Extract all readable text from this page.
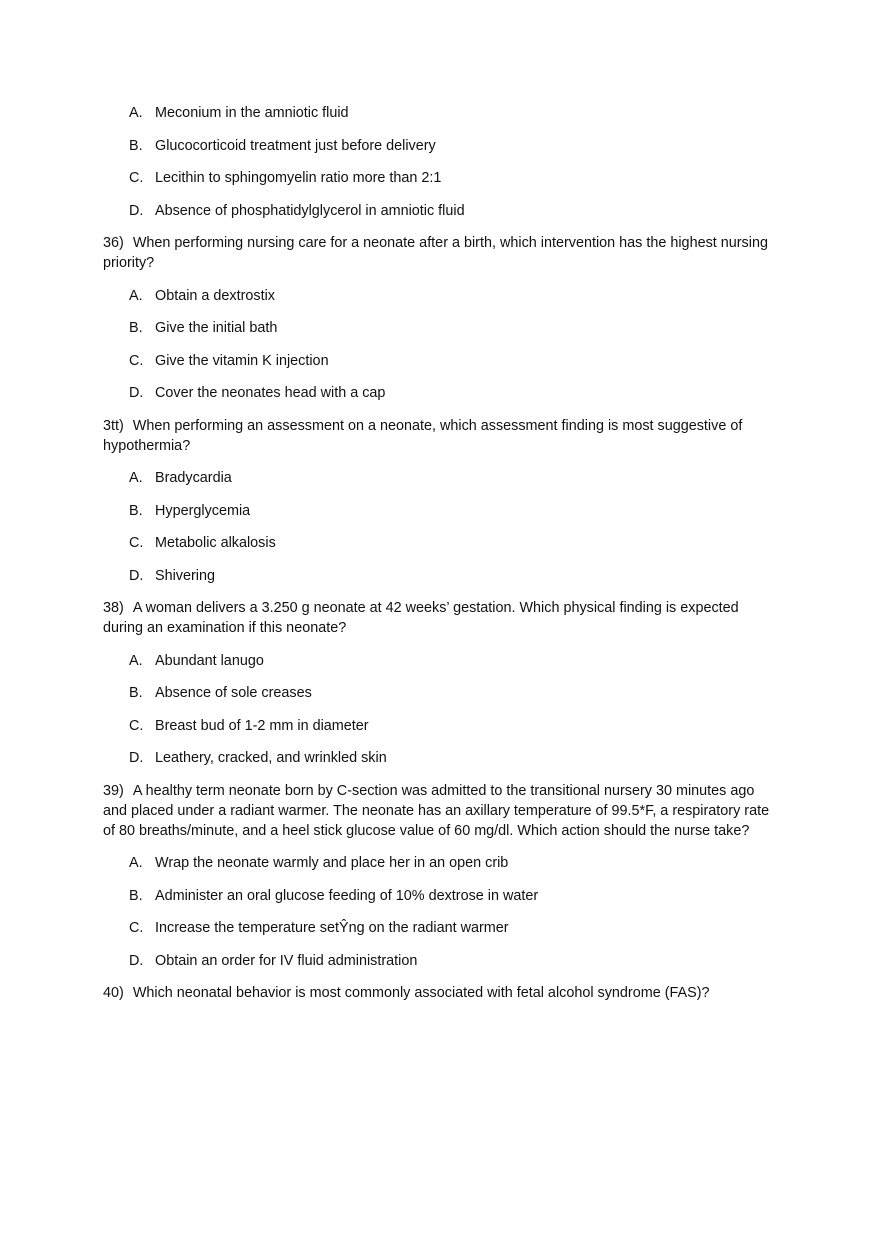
A. Meconium in the amniotic fluid
B. Glucocorticoid treatment just before delivery
C. Lecithin to sphingomyelin ratio more than 2:1
D. Absence of phosphatidylglycerol in amniotic fluid
36) When performing nursing care for a neonate after a birth, which intervention has the highest nursing priority?
A. Obtain a dextrostix
B. Give the initial bath
C. Give the vitamin K injection
D. Cover the neonates head with a cap
3tt) When performing an assessment on a neonate, which assessment finding is most suggestive of hypothermia?
A. Bradycardia
B. Hyperglycemia
C. Metabolic alkalosis
D. Shivering
38) A woman delivers a 3.250 g neonate at 42 weeks’ gestation. Which physical finding is expected during an examination if this neonate?
A. Abundant lanugo
B. Absence of sole creases
C. Breast bud of 1-2 mm in diameter
D. Leathery, cracked, and wrinkled skin
39) A healthy term neonate born by C-section was admitted to the transitional nursery 30 minutes ago and placed under a radiant warmer. The neonate has an axillary temperature of 99.5*F, a respiratory rate of 80 breaths/minute, and a heel stick glucose value of 60 mg/dl. Which action should the nurse take?
A. Wrap the neonate warmly and place her in an open crib
B. Administer an oral glucose feeding of 10% dextrose in water
C. Increase the temperature setŶng on the radiant warmer
D. Obtain an order for IV fluid administration
40) Which neonatal behavior is most commonly associated with fetal alcohol syndrome (FAS)?
